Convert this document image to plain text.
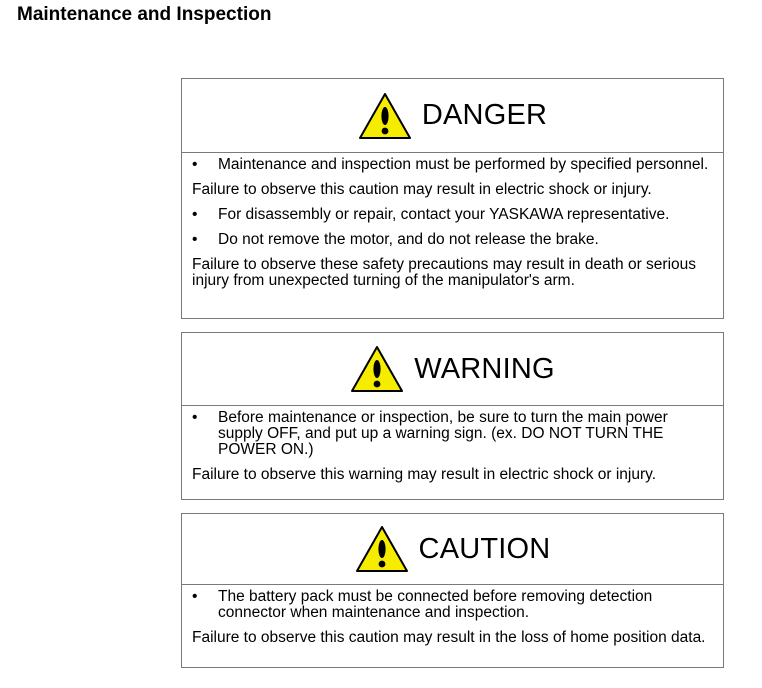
Maintenance and Inspection
DANGER
•	Maintenance and inspection must be performed by specified personnel.
Failure to observe this caution may result in electric shock or injury.
•	For disassembly or repair, contact your YASKAWA representative.
•	Do not remove the motor, and do not release the brake.
Failure to observe these safety precautions may result in death or serious injury from unexpected turning of the manipulator's arm.
WARNING
•	Before maintenance or inspection, be sure to turn the main power supply OFF, and put up a warning sign. (ex. DO NOT TURN THE POWER ON.)
Failure to observe this warning may result in electric shock or injury.
CAUTION
•	The battery pack must be connected before removing detection connector when maintenance and inspection.
Failure to observe this caution may result in the loss of home position data.
